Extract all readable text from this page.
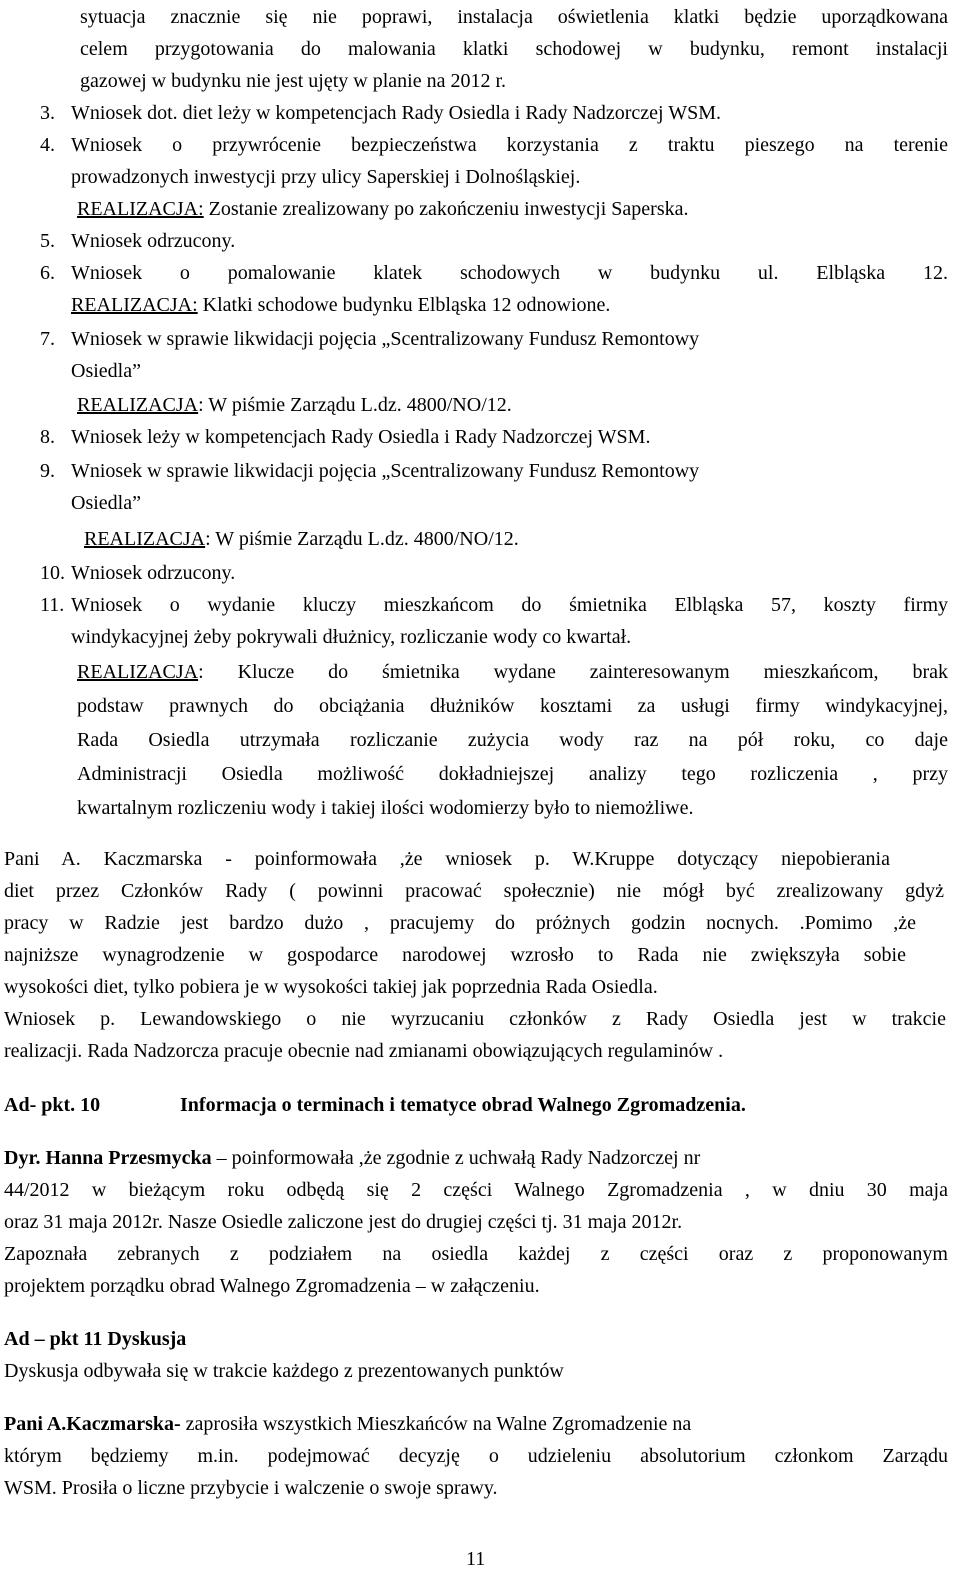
sytuacja znacznie się nie poprawi, instalacja oświetlenia klatki będzie uporządkowana
celem przygotowania do malowania klatki schodowej w budynku, remont instalacji
gazowej w budynku nie jest ujęty w planie na 2012 r.
3. Wniosek dot. diet leży w kompetencjach Rady Osiedla i Rady Nadzorczej WSM.
4. Wniosek o przywrócenie bezpieczeństwa korzystania z traktu pieszego na terenie
prowadzonych inwestycji przy ulicy Saperskiej i Dolnośląskiej.
REALIZACJA: Zostanie zrealizowany po zakończeniu inwestycji Saperska.
5. Wniosek odrzucony.
6. Wniosek o pomalowanie klatek schodowych w budynku ul. Elbląska 12.
REALIZACJA: Klatki schodowe budynku Elbląska 12 odnowione.
7. Wniosek w sprawie likwidacji pojęcia „Scentralizowany Fundusz Remontowy
Osiedla”
REALIZACJA: W piśmie Zarządu L.dz. 4800/NO/12.
8. Wniosek leży w kompetencjach Rady Osiedla i Rady Nadzorczej WSM.
9. Wniosek w sprawie likwidacji pojęcia „Scentralizowany Fundusz Remontowy
Osiedla”
REALIZACJA: W piśmie Zarządu L.dz. 4800/NO/12.
10. Wniosek odrzucony.
11. Wniosek o wydanie kluczy mieszkańcom do śmietnika Elbląska 57, koszty firmy
windykacyjnej żeby pokrywali dłużnicy, rozliczanie wody co kwartał.
REALIZACJA: Klucze do śmietnika wydane zainteresowanym mieszkańcom, brak
podstaw prawnych do obciążania dłużników kosztami za usługi firmy windykacyjnej,
Rada Osiedla utrzymała rozliczanie zużycia wody raz na pół roku, co daje
Administracji Osiedla możliwość dokładniejszej analizy tego rozliczenia , przy
kwartalnym rozliczeniu wody i takiej ilości wodomierzy było to niemożliwe.
Pani A. Kaczmarska - poinformowała ,że wniosek p. W.Kruppe dotyczący niepobierania
diet przez Członków Rady ( powinni pracować społecznie) nie mógł być zrealizowany gdyż
pracy w Radzie jest bardzo dużo , pracujemy do próżnych godzin nocnych. .Pomimo ,że
najniższe wynagrodzenie w gospodarce narodowej wzrosło to Rada nie zwiększyła sobie
wysokości diet, tylko pobiera je w wysokości takiej jak poprzednia Rada Osiedla.
Wniosek p. Lewandowskiego o nie wyrzucaniu członków z Rady Osiedla jest w trakcie
realizacji. Rada Nadzorcza pracuje obecnie nad zmianami obowiązujących regulaminów .
Ad- pkt. 10	Informacja o terminach i tematyce obrad Walnego Zgromadzenia.
Dyr. Hanna Przesmycka – poinformowała ,że zgodnie z uchwałą Rady Nadzorczej nr
44/2012 w bieżącym roku odbędą się 2 części Walnego Zgromadzenia , w dniu 30 maja
oraz 31 maja 2012r. Nasze Osiedle zaliczone jest do drugiej części tj. 31 maja 2012r.
Zapoznała zebranych z podziałem na osiedla każdej z części oraz z proponowanym
projektem porządku obrad Walnego Zgromadzenia – w załączeniu.
Ad – pkt 11 Dyskusja
Dyskusja odbywała się w trakcie każdego z prezentowanych punktów
Pani A.Kaczmarska- zaprosiła wszystkich Mieszkańców na Walne Zgromadzenie na
którym będziemy m.in. podejmować decyzję o udzieleniu absolutorium członkom Zarządu
WSM. Prosiła o liczne przybycie i walczenie o swoje sprawy.
11
